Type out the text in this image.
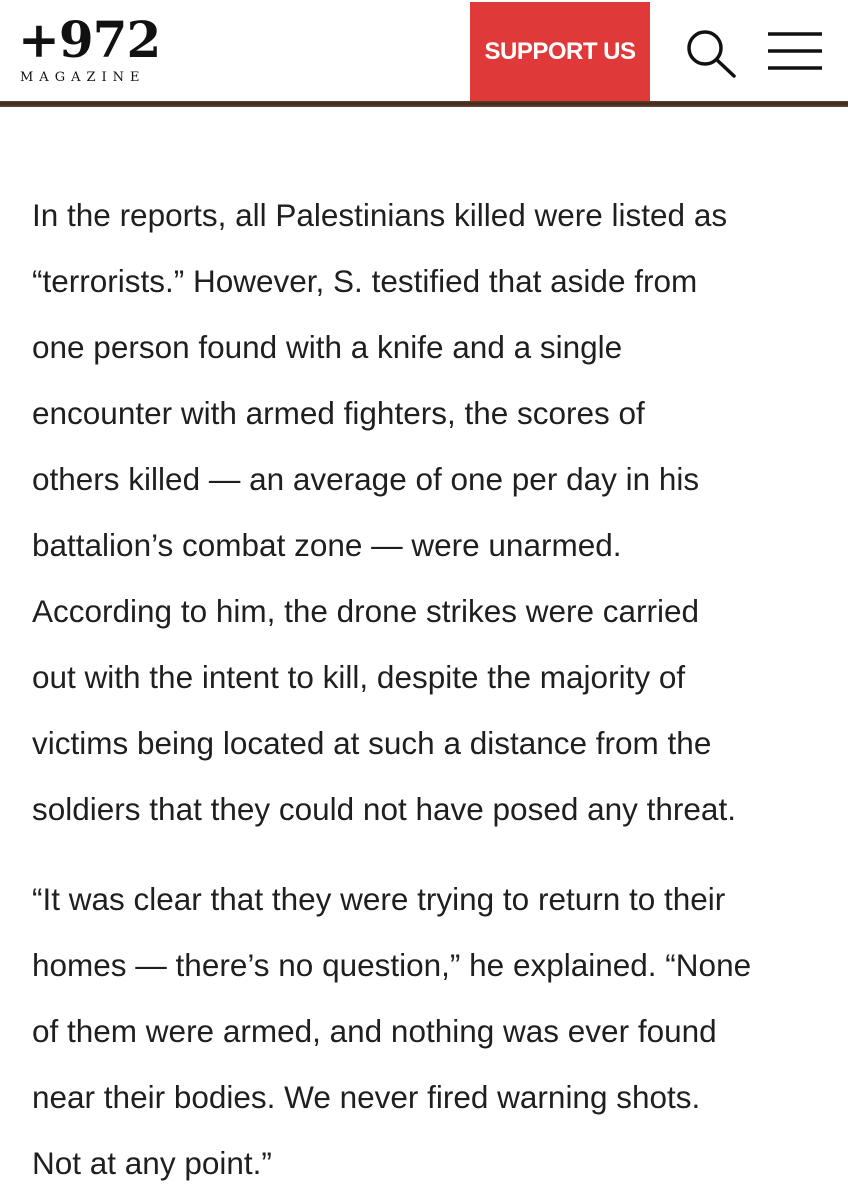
+972
MAGAZINE
SUPPORT US

In the reports, all Palestinians killed were listed as
“terrorists.” However, S. testified that aside from
one person found with a knife and a single
encounter with armed fighters, the scores of
others killed — an average of one per day in his
battalion’s combat zone — were unarmed.
According to him, the drone strikes were carried
out with the intent to kill, despite the majority of
victims being located at such a distance from the
soldiers that they could not have posed any threat.

“It was clear that they were trying to return to their
homes — there’s no question,” he explained. “None
of them were armed, and nothing was ever found
near their bodies. We never fired warning shots.
Not at any point.”
